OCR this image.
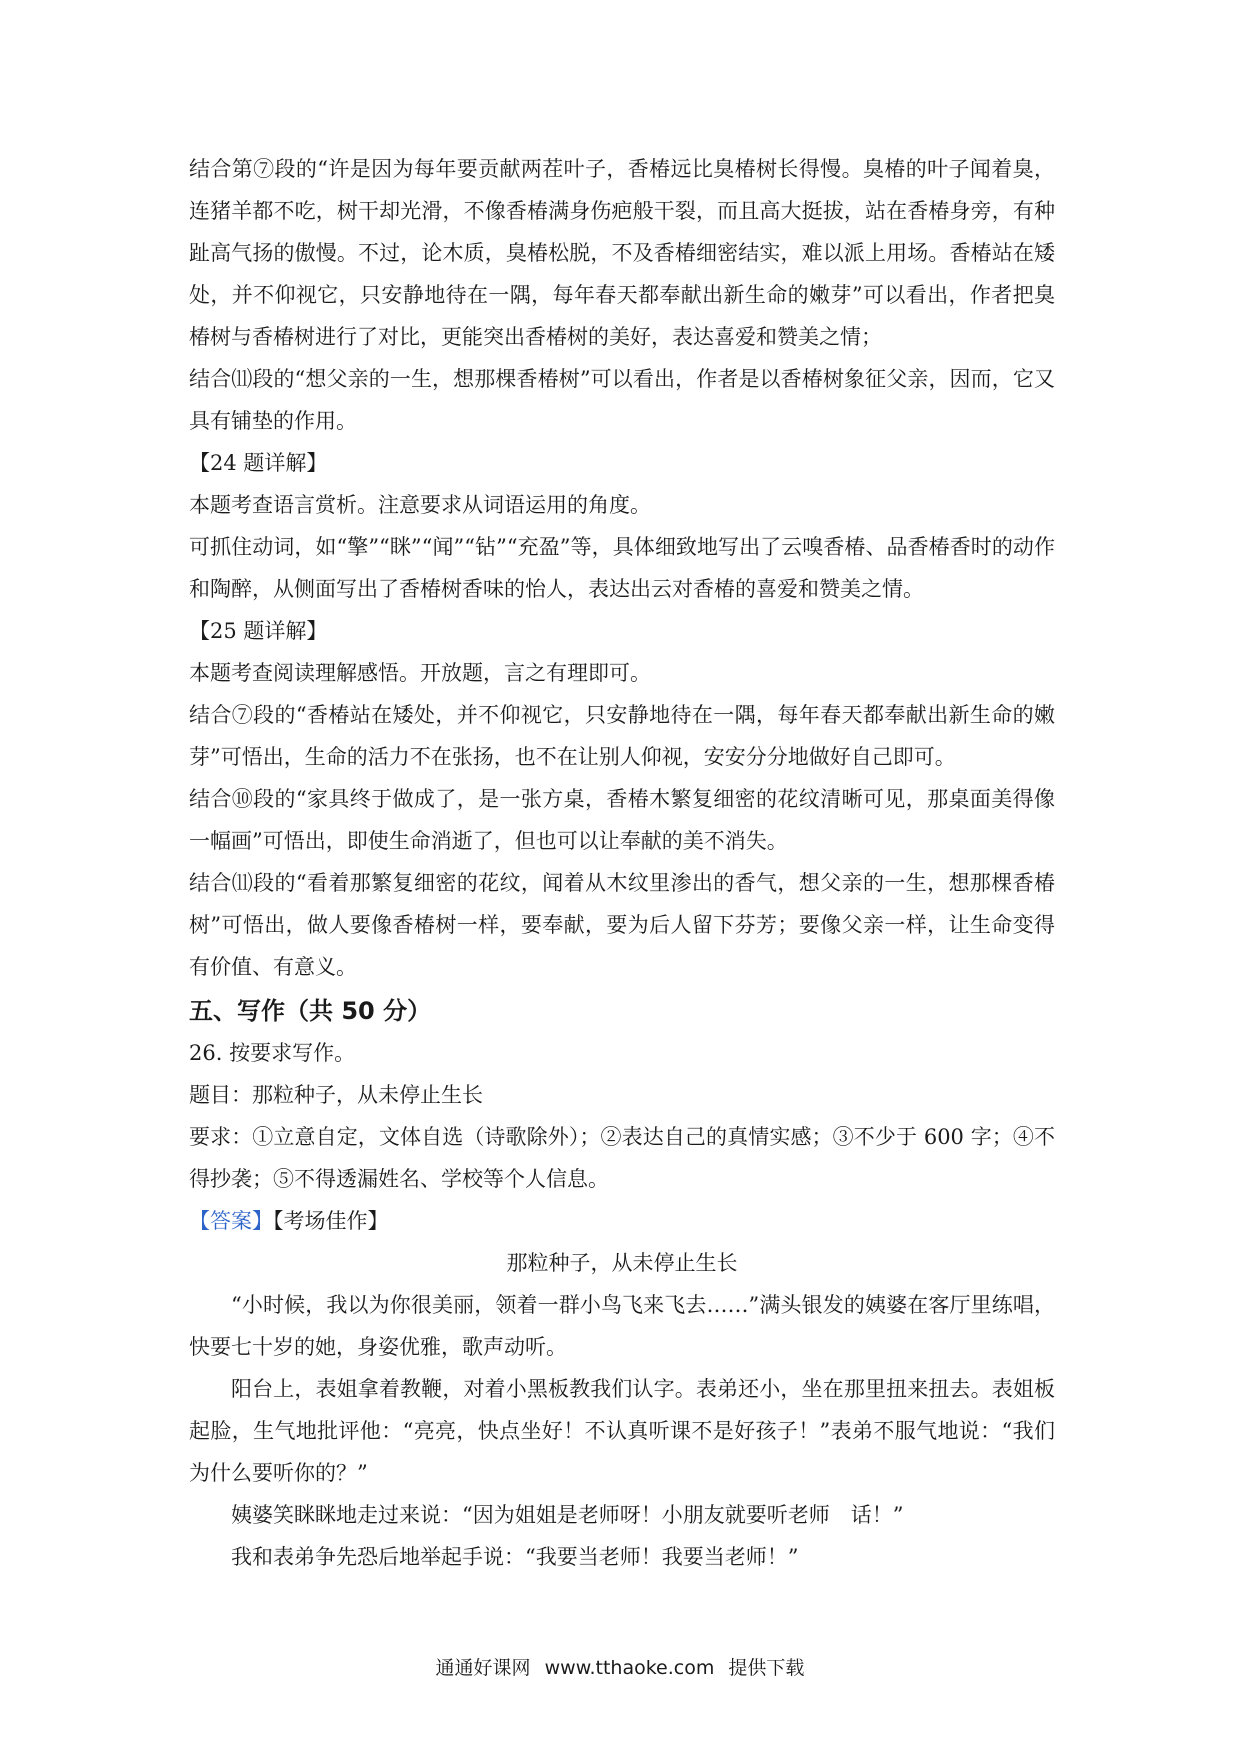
结合第⑦段的“许是因为每年要贡献两茬叶子，香椿远比臭椿树长得慢。臭椿的叶子闻着臭，连猪羊都不吃，树干却光滑，不像香椿满身伤疤般干裂，而且高大挺拔，站在香椿身旁，有种趾高气扬的傲慢。不过，论木质，臭椿松脱，不及香椿细密结实，难以派上用场。香椿站在矮处，并不仰视它，只安静地待在一隅，每年春天都奉献出新生命的嫩芽”可以看出，作者把臭椿树与香椿树进行了对比，更能突出香椿树的美好，表达喜爱和赞美之情；

结合⑾段的“想父亲的一生，想那棵香椿树”可以看出，作者是以香椿树象征父亲，因而，它又具有铺垫的作用。

【24 题详解】

本题考查语言赏析。注意要求从词语运用的角度。

可抓住动词，如“擎”“眯”“闻”“钻”“充盈”等，具体细致地写出了云嗅香椿、品香椿香时的动作和陶醉，从侧面写出了香椿树香味的怡人，表达出云对香椿的喜爱和赞美之情。

【25 题详解】

本题考查阅读理解感悟。开放题，言之有理即可。

结合⑦段的“香椿站在矮处，并不仰视它，只安静地待在一隅，每年春天都奉献出新生命的嫩芽”可悟出，生命的活力不在张扬，也不在让别人仰视，安安分分地做好自己即可。

结合⑩段的“家具终于做成了，是一张方桌，香椿木繁复细密的花纹清晰可见，那桌面美得像一幅画”可悟出，即使生命消逝了，但也可以让奉献的美不消失。

结合⑾段的“看着那繁复细密的花纹，闻着从木纹里渗出的香气，想父亲的一生，想那棵香椿树”可悟出，做人要像香椿树一样，要奉献，要为后人留下芬芳；要像父亲一样，让生命变得有价值、有意义。

五、写作（共 50 分）

26. 按要求写作。

题目：那粒种子，从未停止生长

要求：①立意自定，文体自选（诗歌除外）；②表达自己的真情实感；③不少于 600 字；④不得抄袭；⑤不得透漏姓名、学校等个人信息。

【答案】【考场佳作】

那粒种子，从未停止生长

“小时候，我以为你很美丽，领着一群小鸟飞来飞去……”满头银发的姨婆在客厅里练唱，快要七十岁的她，身姿优雅，歌声动听。

阳台上，表姐拿着教鞭，对着小黑板教我们认字。表弟还小，坐在那里扭来扭去。表姐板起脸，生气地批评他：“亮亮，快点坐好！不认真听课不是好孩子！”表弟不服气地说：“我们为什么要听你的？”

姨婆笑眯眯地走过来说：“因为姐姐是老师呀！小朋友就要听老师　话！”

我和表弟争先恐后地举起手说：“我要当老师！我要当老师！”

通通好课网 www.tthaoke.com 提供下载
